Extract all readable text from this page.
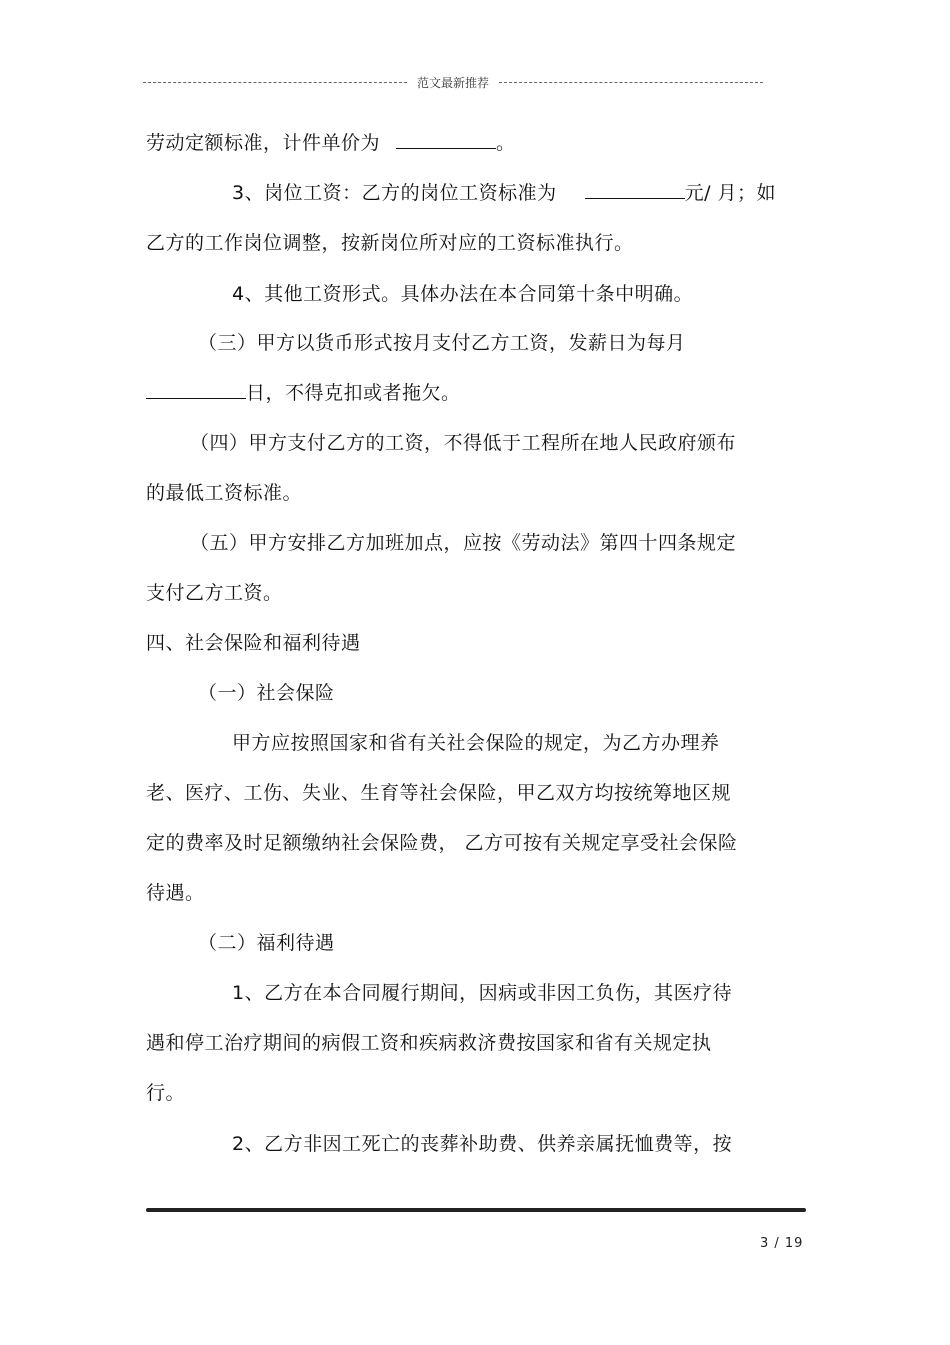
范文最新推荐
劳动定额标准，计件单价为	。
3、岗位工资：乙方的岗位工资标准为	元/ 月；如
乙方的工作岗位调整，按新岗位所对应的工资标准执行。
4、其他工资形式。具体办法在本合同第十条中明确。
（三）甲方以货币形式按月支付乙方工资，发薪日为每月
日，不得克扣或者拖欠。
（四）甲方支付乙方的工资，不得低于工程所在地人民政府颁布
的最低工资标准。
（五）甲方安排乙方加班加点，应按《劳动法》第四十四条规定
支付乙方工资。
四、社会保险和福利待遇
（一）社会保险
甲方应按照国家和省有关社会保险的规定，为乙方办理养
老、医疗、工伤、失业、生育等社会保险，甲乙双方均按统筹地区规
定的费率及时足额缴纳社会保险费， 乙方可按有关规定享受社会保险
待遇。
（二）福利待遇
1、乙方在本合同履行期间，因病或非因工负伤，其医疗待
遇和停工治疗期间的病假工资和疾病救济费按国家和省有关规定执
行。
2、乙方非因工死亡的丧葬补助费、供养亲属抚恤费等，按
3 / 19
